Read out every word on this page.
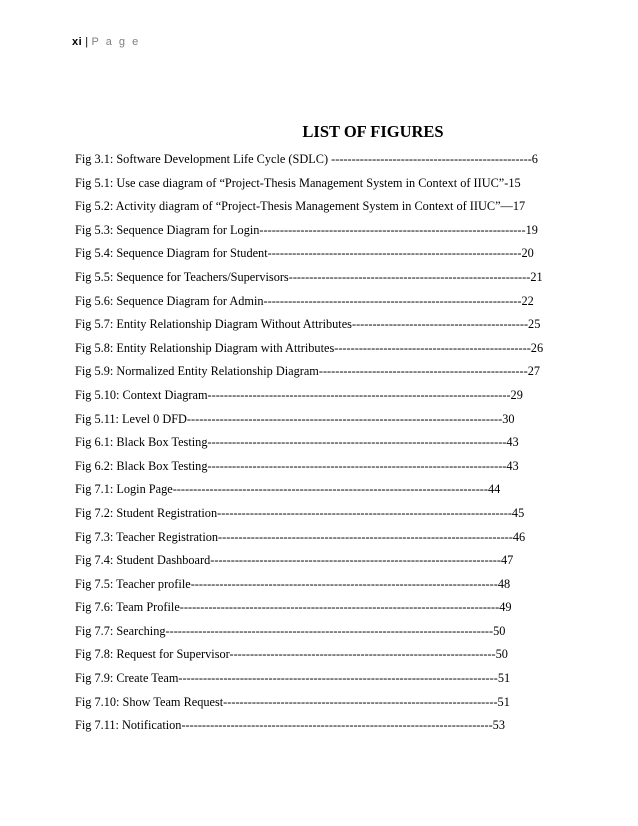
xi | P a g e
LIST OF FIGURES
Fig 3.1: Software Development Life Cycle (SDLC) -------------------------------------------------6
Fig 5.1: Use case diagram of “Project-Thesis Management System in Context of IIUC”-15
Fig 5.2: Activity diagram of “Project-Thesis Management System in Context of IIUC”—17
Fig 5.3: Sequence Diagram for Login-----------------------------------------------------------------19
Fig 5.4: Sequence Diagram for Student--------------------------------------------------------------20
Fig 5.5: Sequence for Teachers/Supervisors-----------------------------------------------------------21
Fig 5.6: Sequence Diagram for Admin---------------------------------------------------------------22
Fig 5.7: Entity Relationship Diagram Without Attributes-------------------------------------------25
Fig 5.8: Entity Relationship Diagram with Attributes------------------------------------------------26
Fig 5.9: Normalized Entity Relationship Diagram---------------------------------------------------27
Fig 5.10: Context Diagram--------------------------------------------------------------------------29
Fig 5.11: Level 0 DFD-----------------------------------------------------------------------------30
Fig 6.1: Black Box Testing-------------------------------------------------------------------------43
Fig 6.2: Black Box Testing-------------------------------------------------------------------------43
Fig 7.1: Login Page-----------------------------------------------------------------------------44
Fig 7.2: Student Registration------------------------------------------------------------------------45
Fig 7.3: Teacher Registration------------------------------------------------------------------------46
Fig 7.4: Student Dashboard-----------------------------------------------------------------------47
Fig 7.5: Teacher profile---------------------------------------------------------------------------48
Fig 7.6: Team Profile------------------------------------------------------------------------------49
Fig 7.7: Searching--------------------------------------------------------------------------------50
Fig 7.8: Request for Supervisor-----------------------------------------------------------------50
Fig 7.9: Create Team------------------------------------------------------------------------------51
Fig 7.10: Show Team Request-------------------------------------------------------------------51
Fig 7.11: Notification----------------------------------------------------------------------------53
